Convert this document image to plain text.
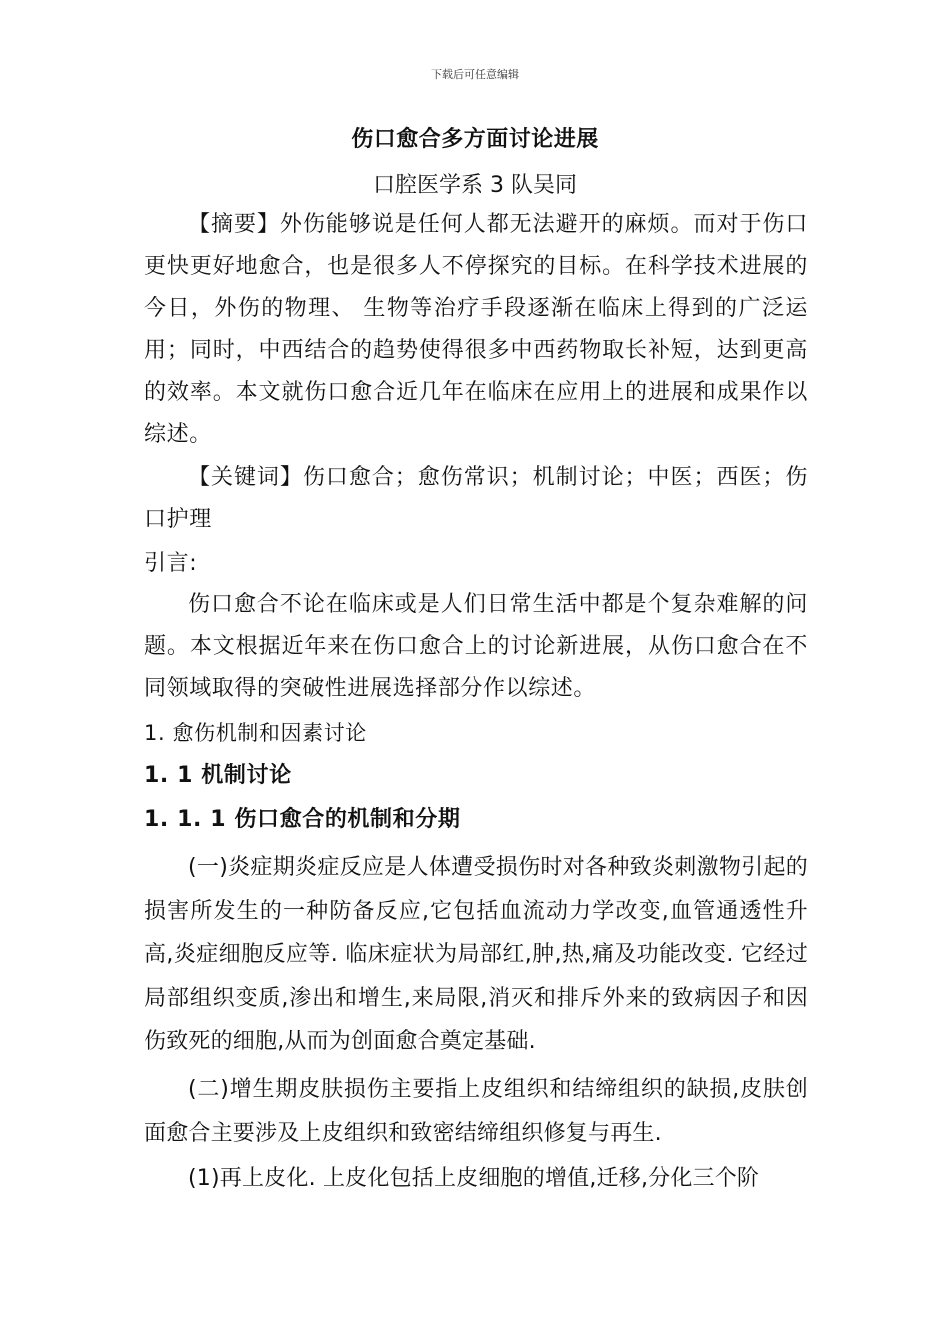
下载后可任意编辑
伤口愈合多方面讨论进展
口腔医学系 3 队吴同

【摘要】外伤能够说是任何人都无法避开的麻烦。而对于伤口更快更好地愈合，也是很多人不停探究的目标。在科学技术进展的今日，外伤的物理、 生物等治疗手段逐渐在临床上得到的广泛运用；同时，中西结合的趋势使得很多中西药物取长补短，达到更高的效率。本文就伤口愈合近几年在临床在应用上的进展和成果作以综述。

【关键词】伤口愈合；愈伤常识；机制讨论；中医；西医；伤口护理

引言:

伤口愈合不论在临床或是人们日常生活中都是个复杂难解的问题。本文根据近年来在伤口愈合上的讨论新进展，从伤口愈合在不同领域取得的突破性进展选择部分作以综述。

1. 愈伤机制和因素讨论

1. 1 机制讨论

1. 1. 1 伤口愈合的机制和分期

(一)炎症期炎症反应是人体遭受损伤时对各种致炎刺激物引起的损害所发生的一种防备反应,它包括血流动力学改变,血管通透性升高,炎症细胞反应等. 临床症状为局部红,肿,热,痛及功能改变. 它经过局部组织变质,渗出和增生,来局限,消灭和排斥外来的致病因子和因伤致死的细胞,从而为创面愈合奠定基础.

(二)增生期皮肤损伤主要指上皮组织和结缔组织的缺损,皮肤创面愈合主要涉及上皮组织和致密结缔组织修复与再生.

(1)再上皮化. 上皮化包括上皮细胞的增值,迁移,分化三个阶
